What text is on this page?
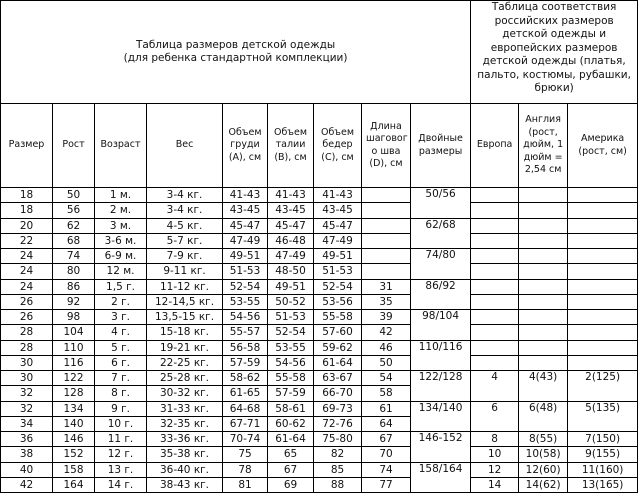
Таблица размеров детской одежды
(для ребенка стандартной комплекции)									Таблица соответствия российских размеров детской одежды и европейских размеров детской одежды (платья, пальто, костюмы, рубашки, брюки)		
Размер	Рост	Возраст	Вес	Объем груди (A), см	Объем талии (B), см	Объем бедер (C), см	Длина шаговог о шва (D), см	Двойные размеры	Европа	Англия (рост, дюйм, 1 дюйм = 2,54 см	Америка (рост, см)
18	50	1 м.	3-4 кг.	41-43	41-43	41-43		50/56			
18	56	2 м.	3-4 кг.	43-45	43-45	43-45					
20	62	3 м.	4-5 кг.	45-47	45-47	45-47		62/68			
22	68	3-6 м.	5-7 кг.	47-49	46-48	47-49					
24	74	6-9 м.	7-9 кг.	49-51	47-49	49-51		74/80			
24	80	12 м.	9-11 кг.	51-53	48-50	51-53					
24	86	1,5 г.	11-12 кг.	52-54	49-51	52-54	31	86/92			
26	92	2 г.	12-14,5 кг.	53-55	50-52	53-56	35				
26	98	3 г.	13,5-15 кг.	54-56	51-53	55-58	39	98/104			
28	104	4 г.	15-18 кг.	55-57	52-54	57-60	42				
28	110	5 г.	19-21 кг.	56-58	53-55	59-62	46	110/116			
30	116	6 г.	22-25 кг.	57-59	54-56	61-64	50				
30	122	7 г.	25-28 кг.	58-62	55-58	63-67	54	122/128	4	4(43)	2(125)
32	128	8 г.	30-32 кг.	61-65	57-59	66-70	58				
32	134	9 г.	31-33 кг.	64-68	58-61	69-73	61	134/140	6	6(48)	5(135)
34	140	10 г.	32-35 кг.	67-71	60-62	72-76	64				
36	146	11 г.	33-36 кг.	70-74	61-64	75-80	67	146-152	8	8(55)	7(150)
38	152	12 г.	35-38 кг.	75	65	82	70		10	10(58)	9(155)
40	158	13 г.	36-40 кг.	78	67	85	74	158/164	12	12(60)	11(160)
42	164	14 г.	38-43 кг.	81	69	88	77		14	14(62)	13(165)
